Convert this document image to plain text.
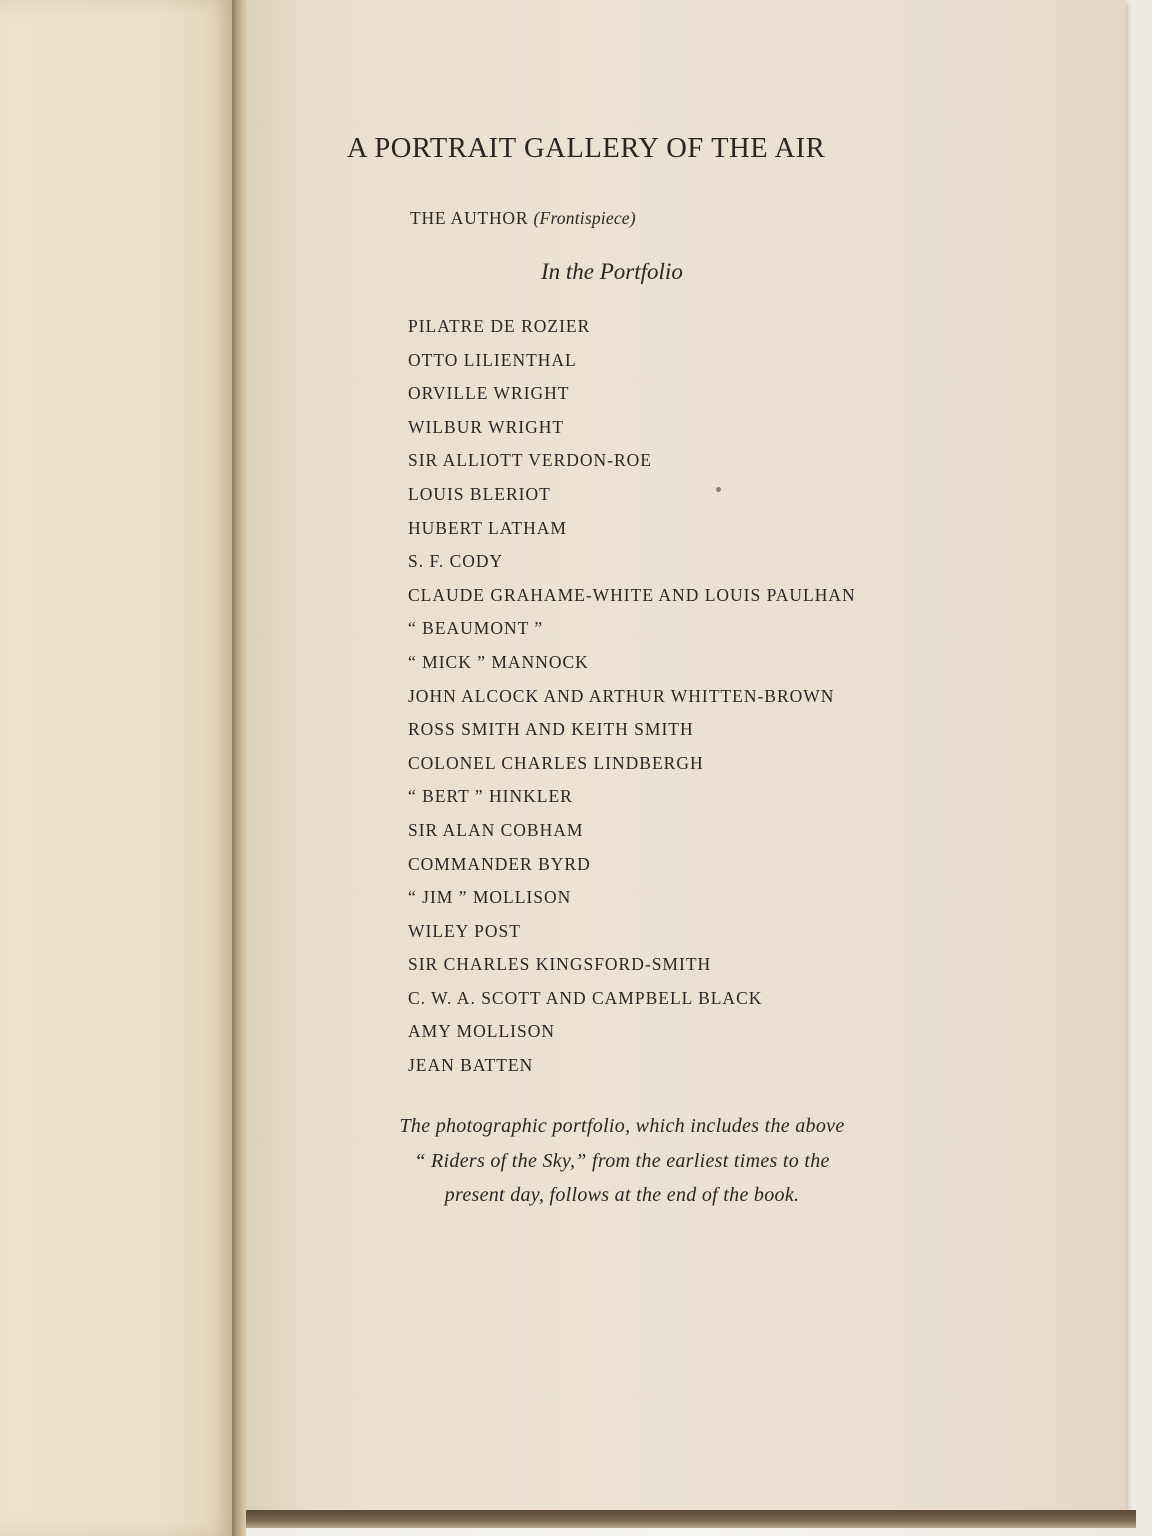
A PORTRAIT GALLERY OF THE AIR
THE AUTHOR (Frontispiece)
In the Portfolio
PILATRE DE ROZIER
OTTO LILIENTHAL
ORVILLE WRIGHT
WILBUR WRIGHT
SIR ALLIOTT VERDON-ROE
LOUIS BLERIOT
HUBERT LATHAM
S. F. CODY
CLAUDE GRAHAME-WHITE AND LOUIS PAULHAN
“ BEAUMONT ”
“ MICK ” MANNOCK
JOHN ALCOCK AND ARTHUR WHITTEN-BROWN
ROSS SMITH AND KEITH SMITH
COLONEL CHARLES LINDBERGH
“ BERT ” HINKLER
SIR ALAN COBHAM
COMMANDER BYRD
“ JIM ” MOLLISON
WILEY POST
SIR CHARLES KINGSFORD-SMITH
C. W. A. SCOTT AND CAMPBELL BLACK
AMY MOLLISON
JEAN BATTEN

The photographic portfolio, which includes the above
“ Riders of the Sky,” from the earliest times to the
present day, follows at the end of the book.
